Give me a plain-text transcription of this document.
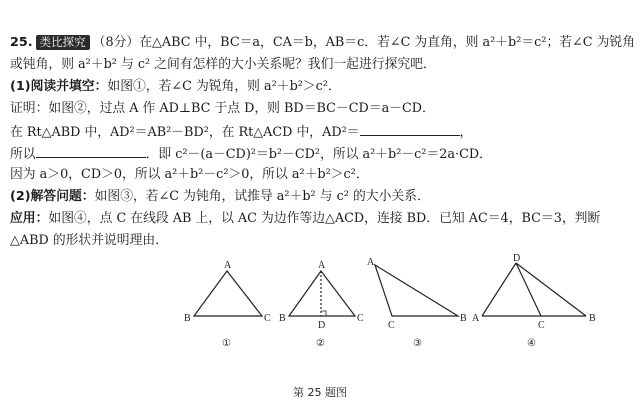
25. 类比探究 （8分）在△ABC 中，BC＝a，CA＝b，AB＝c．若∠C 为直角，则 a²＋b²＝c²；若∠C 为锐角
或钝角，则 a²＋b² 与 c² 之间有怎样的大小关系呢？我们一起进行探究吧．
(1)阅读并填空：如图①，若∠C 为锐角，则 a²＋b²＞c²．
证明：如图②，过点 A 作 AD⊥BC 于点 D，则 BD＝BC－CD＝a－CD．
在 Rt△ABD 中，AD²＝AB²－BD²，在 Rt△ACD 中，AD²＝	，
所以	．即 c²－(a－CD)²＝b²－CD²，所以 a²＋b²－c²＝2a·CD．
因为 a＞0，CD＞0，所以 a²＋b²－c²＞0，所以 a²＋b²＞c²．
(2)解答问题：如图③，若∠C 为钝角，试推导 a²＋b² 与 c² 的大小关系．
应用：如图④，点 C 在线段 AB 上，以 AC 为边作等边△ACD，连接 BD．已知 AC＝4，BC＝3，判断
△ABD 的形状并说明理由．
A
B	C
A
B	C
D
A
B
C
D
A
C
B
①	②	③	④
第 25 题图
